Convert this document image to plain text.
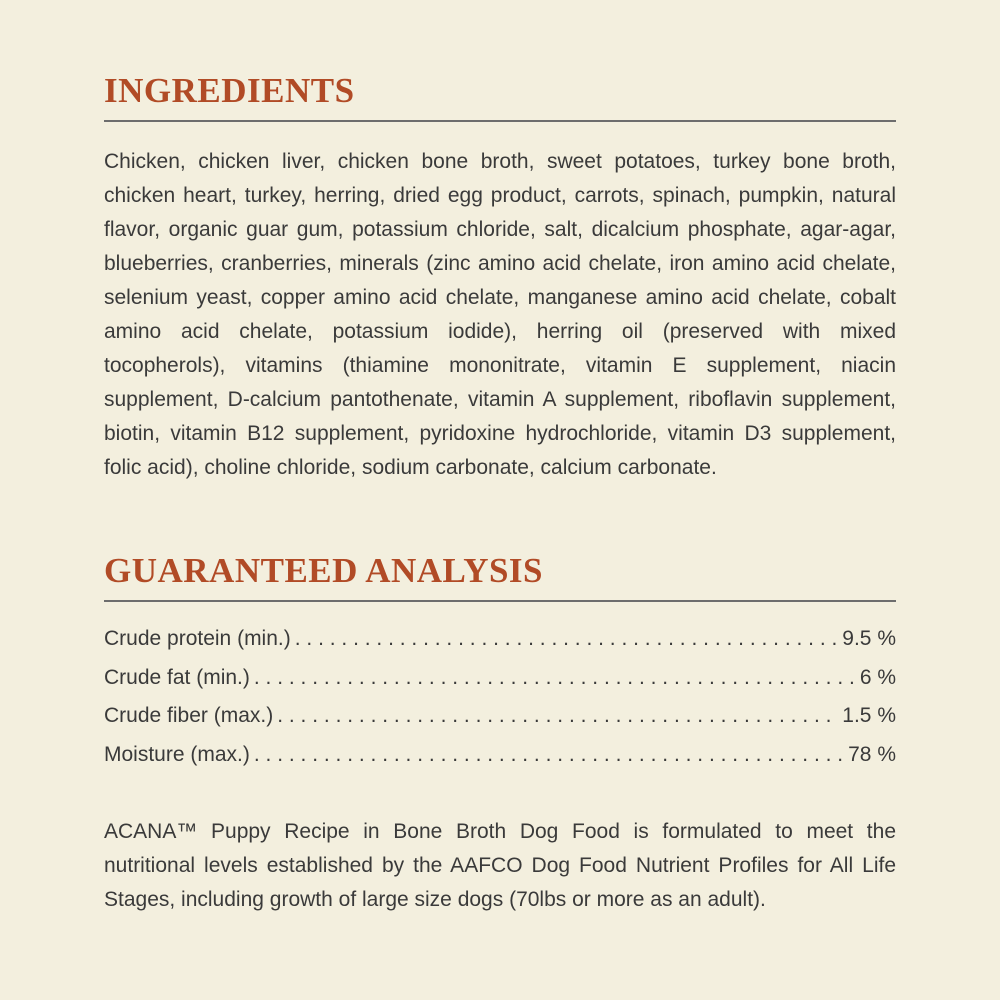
INGREDIENTS

Chicken, chicken liver, chicken bone broth, sweet potatoes, turkey bone broth, chicken heart, turkey, herring, dried egg product, carrots, spinach, pumpkin, natural flavor, organic guar gum, potassium chloride, salt, dicalcium phosphate, agar-agar, blueberries, cranberries, minerals (zinc amino acid chelate, iron amino acid chelate, selenium yeast, copper amino acid chelate, manganese amino acid chelate, cobalt amino acid chelate, potassium iodide), herring oil (preserved with mixed tocopherols), vitamins (thiamine mononitrate, vitamin E supplement, niacin supplement, D-calcium pantothenate, vitamin A supplement, riboflavin supplement, biotin, vitamin B12 supplement, pyridoxine hydrochloride, vitamin D3 supplement, folic acid), choline chloride, sodium carbonate, calcium carbonate.

GUARANTEED ANALYSIS
Crude protein (min.) . . .	9.5 %
Crude fat (min.) . . .	6 %
Crude fiber (max.) . . .	1.5 %
Moisture (max.) . . .	78 %

ACANA™ Puppy Recipe in Bone Broth Dog Food is formulated to meet the nutritional levels established by the AAFCO Dog Food Nutrient Profiles for All Life Stages, including growth of large size dogs (70lbs or more as an adult).
